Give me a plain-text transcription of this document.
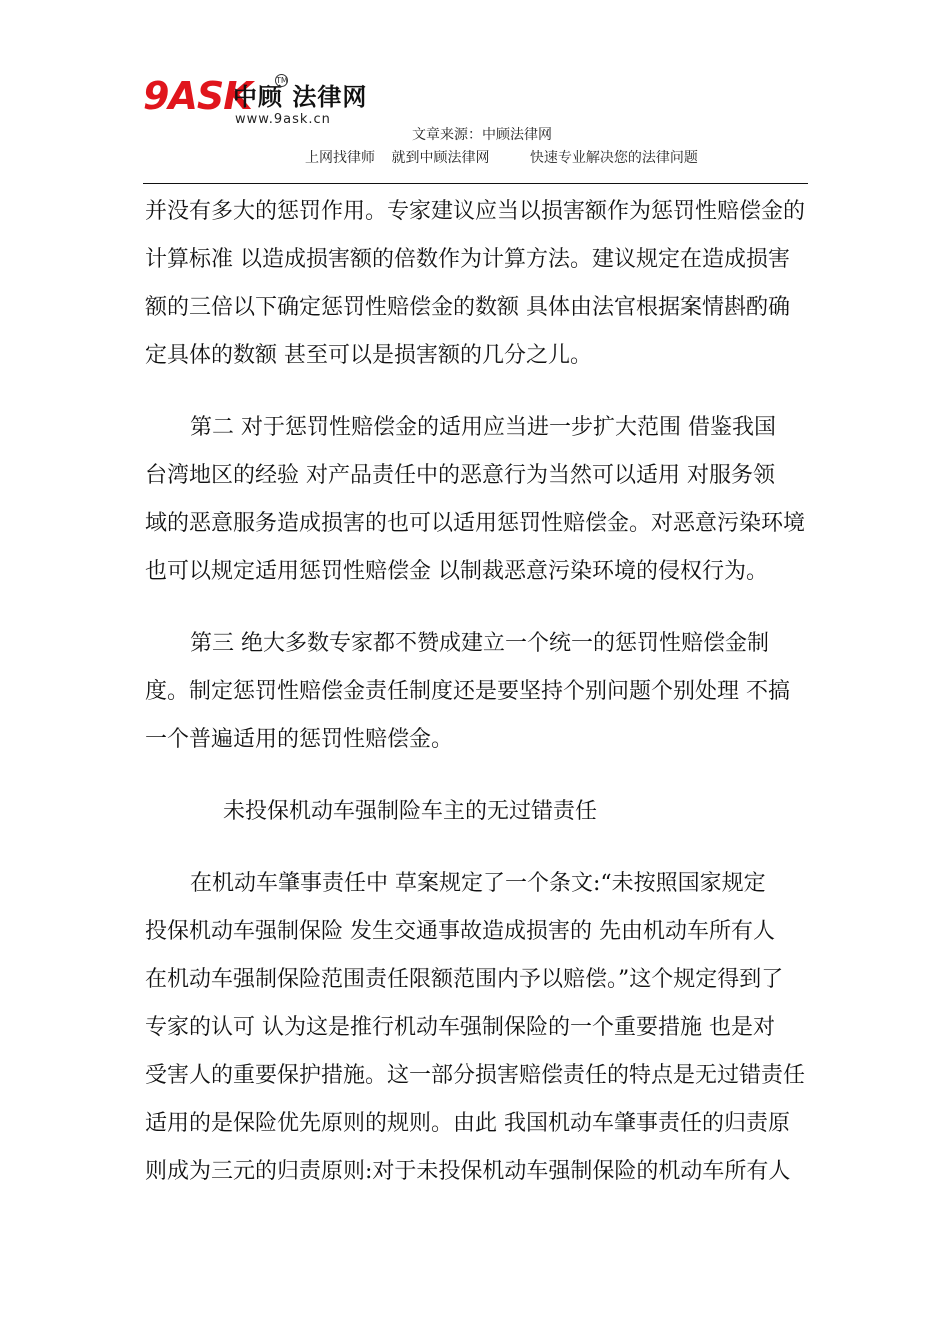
9ASK
中顾 法律网
TM
www.9ask.cn
文章来源：中顾法律网
上网找律师 就到中顾法律网	快速专业解决您的法律问题
并没有多大的惩罚作用。专家建议应当以损害额作为惩罚性赔偿金的
计算标准 以造成损害额的倍数作为计算方法。建议规定在造成损害
额的三倍以下确定惩罚性赔偿金的数额 具体由法官根据案情斟酌确
定具体的数额 甚至可以是损害额的几分之儿。
第二 对于惩罚性赔偿金的适用应当进一步扩大范围 借鉴我国
台湾地区的经验 对产品责任中的恶意行为当然可以适用 对服务领
域的恶意服务造成损害的也可以适用惩罚性赔偿金。对恶意污染环境
也可以规定适用惩罚性赔偿金 以制裁恶意污染环境的侵权行为。
第三 绝大多数专家都不赞成建立一个统一的惩罚性赔偿金制
度。制定惩罚性赔偿金责任制度还是要坚持个别问题个别处理 不搞
一个普遍适用的惩罚性赔偿金。
未投保机动车强制险车主的无过错责任
在机动车肇事责任中 草案规定了一个条文:“未按照国家规定
投保机动车强制保险 发生交通事故造成损害的 先由机动车所有人
在机动车强制保险范围责任限额范围内予以赔偿。”这个规定得到了
专家的认可 认为这是推行机动车强制保险的一个重要措施 也是对
受害人的重要保护措施。这一部分损害赔偿责任的特点是无过错责任
适用的是保险优先原则的规则。由此 我国机动车肇事责任的归责原
则成为三元的归责原则:对于未投保机动车强制保险的机动车所有人
